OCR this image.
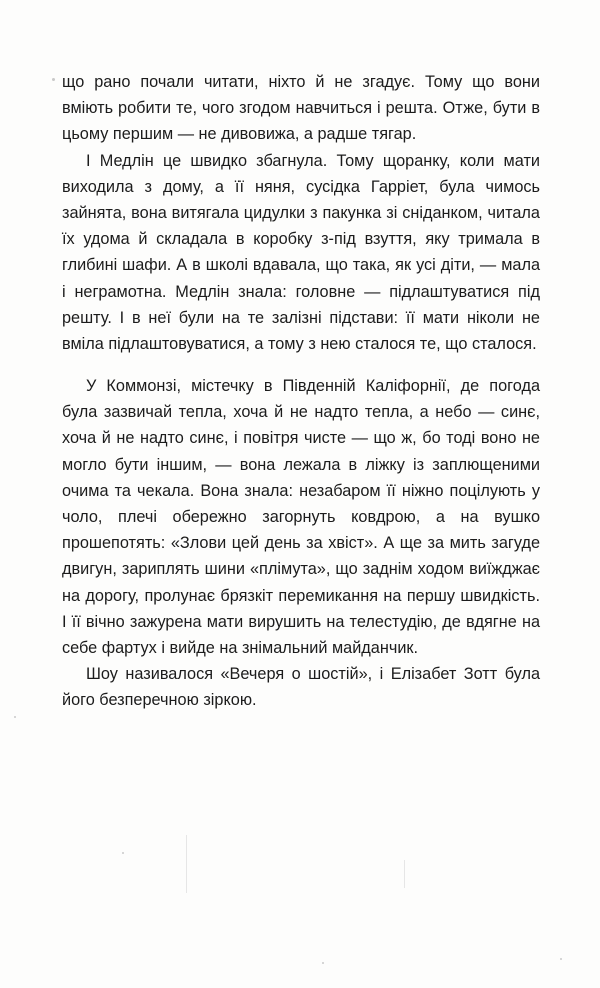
що рано почали читати, ніхто й не згадує. Тому що вони вміють робити те, чого згодом навчиться і решта. Отже, бути в цьому першим — не дивовижа, а радше тягар.

І Медлін це швидко збагнула. Тому щоранку, коли мати виходила з дому, а її няня, сусідка Гарріет, була чимось зайнята, вона витягала цидулки з пакунка зі сніданком, читала їх удома й складала в коробку з-під взуття, яку тримала в глибині шафи. А в школі вдавала, що така, як усі діти, — мала і неграмотна. Медлін знала: головне — підлаштуватися під решту. І в неї були на те залізні підстави: її мати ніколи не вміла підлаштовуватися, а тому з нею сталося те, що сталося.

У Коммонзі, містечку в Південній Каліфорнії, де погода була зазвичай тепла, хоча й не надто тепла, а небо — синє, хоча й не надто синє, і повітря чисте — що ж, бо тоді воно не могло бути іншим, — вона лежала в ліжку із заплющеними очима та чекала. Вона знала: незабаром її ніжно поцілують у чоло, плечі обережно загорнуть ковдрою, а на вушко прошепотять: «Злови цей день за хвіст». А ще за мить загуде двигун, зариплять шини «плімута», що заднім ходом виїжджає на дорогу, пролунає брязкіт перемикання на першу швидкість. І її вічно зажурена мати вирушить на телестудію, де вдягне на себе фартух і вийде на знімальний майданчик.

Шоу називалося «Вечеря о шостій», і Елізабет Зотт була його безперечною зіркою.
